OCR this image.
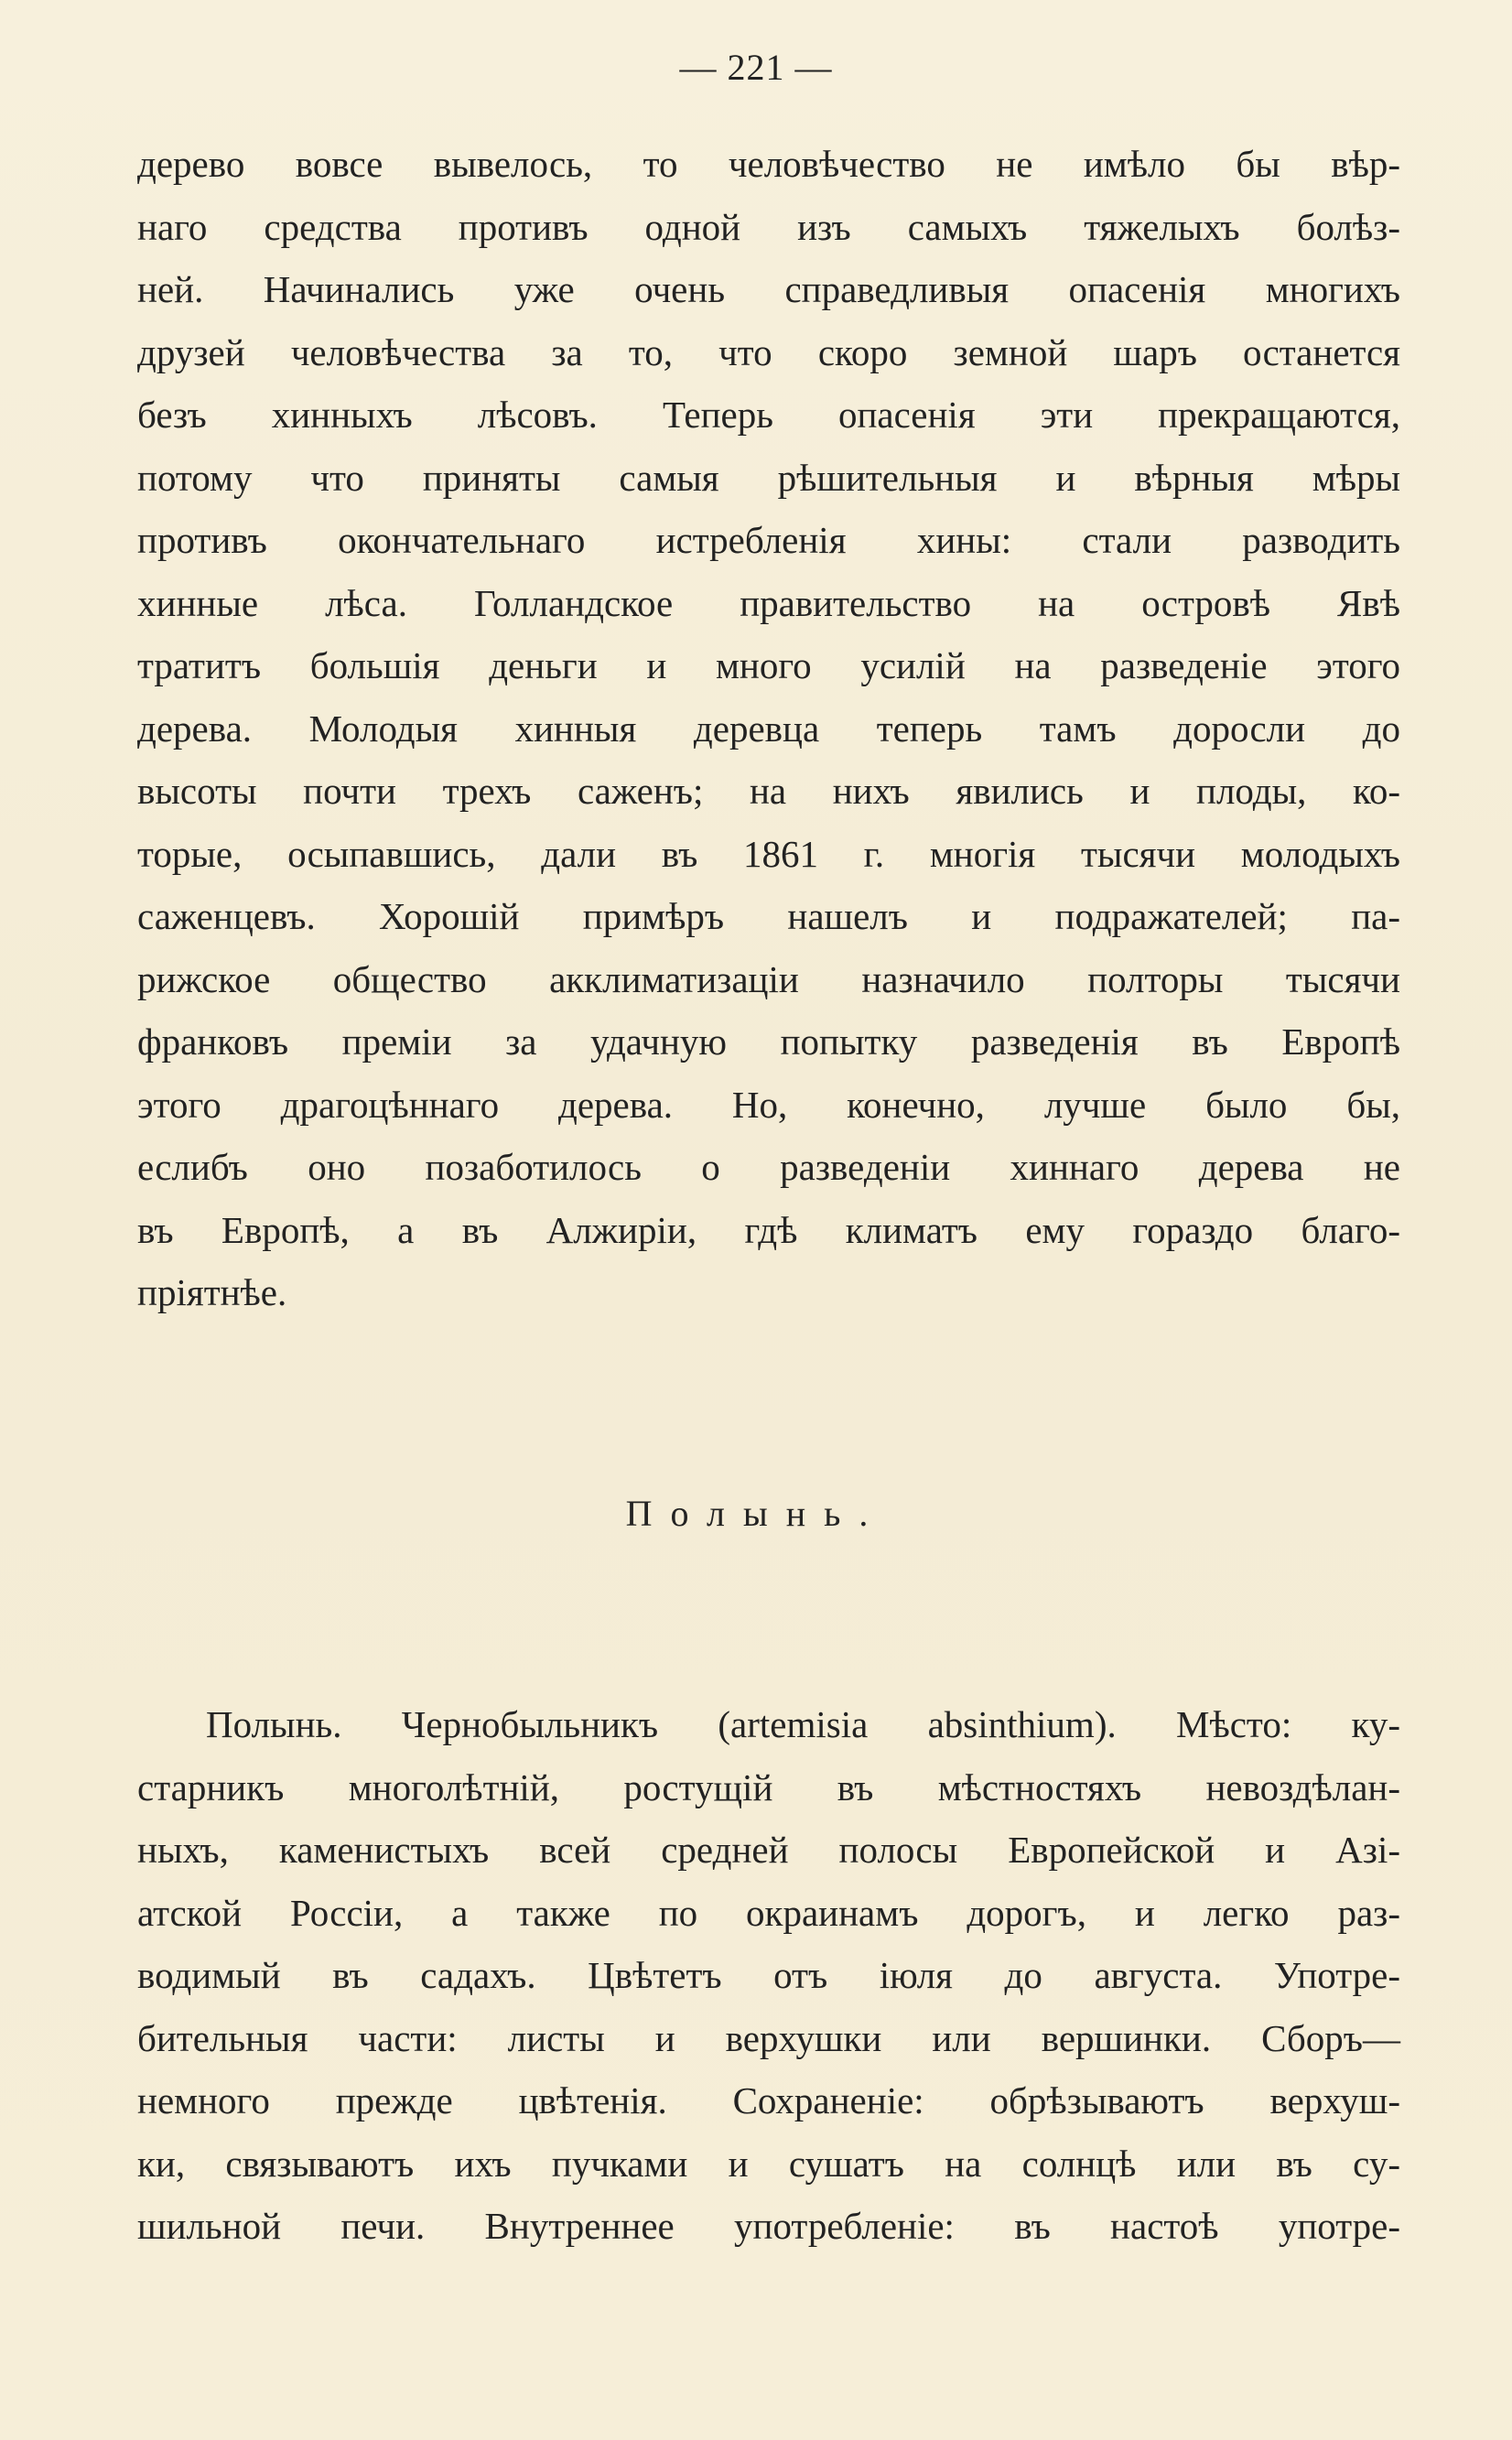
— 221 —
дерево вовсе вывелось, то человѣчество не имѣло бы вѣр-
наго средства противъ одной изъ самыхъ тяжелыхъ болѣз-
ней. Начинались уже очень справедливыя опасенія многихъ
друзей человѣчества за то, что скоро земной шаръ останется
безъ хинныхъ лѣсовъ. Теперь опасенія эти прекращаются,
потому что приняты самыя рѣшительныя и вѣрныя мѣры
противъ окончательнаго истребленія хины: стали разводить
хинные лѣса. Голландское правительство на островѣ Явѣ
тратитъ большія деньги и много усилій на разведеніе этого
дерева. Молодыя хинныя деревца теперь тамъ доросли до
высоты почти трехъ саженъ; на нихъ явились и плоды, ко-
торые, осыпавшись, дали въ 1861 г. многія тысячи молодыхъ
саженцевъ. Хорошій примѣръ нашелъ и подражателей; па-
рижское общество акклиматизаціи назначило полторы тысячи
франковъ преміи за удачную попытку разведенія въ Европѣ
этого драгоцѣннаго дерева. Но, конечно, лучше было бы,
еслибъ оно позаботилось о разведеніи хиннаго дерева не
въ Европѣ, а въ Алжиріи, гдѣ климатъ ему гораздо благо-
пріятнѣе.
Полынь.
Полынь. Чернобыльникъ (artemisia absinthium). Мѣсто: ку-
старникъ многолѣтній, ростущій въ мѣстностяхъ невоздѣлан-
ныхъ, каменистыхъ всей средней полосы Европейской и Азі-
атской Россіи, а также по окраинамъ дорогъ, и легко раз-
водимый въ садахъ. Цвѣтетъ отъ іюля до августа. Употре-
бительныя части: листы и верхушки или вершинки. Сборъ—
немного прежде цвѣтенія. Сохраненіе: обрѣзываютъ верхуш-
ки, связываютъ ихъ пучками и сушатъ на солнцѣ или въ су-
шильной печи. Внутреннее употребленіе: въ настоѣ употре-
